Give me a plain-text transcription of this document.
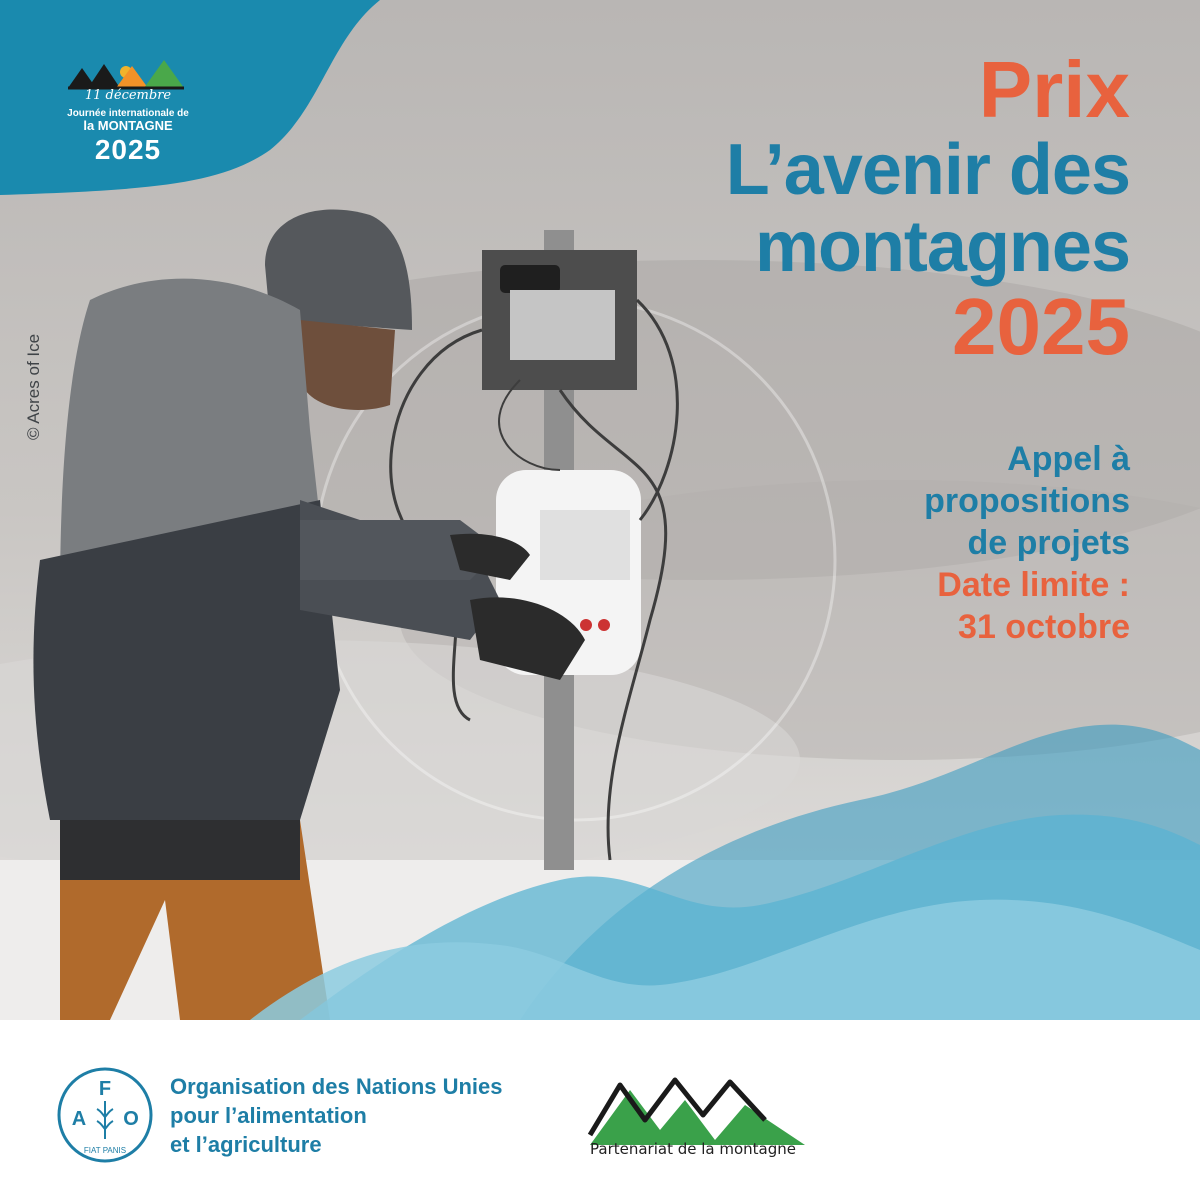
11 décembre
Journée internationale de
la MONTAGNE
2025
Prix
L’avenir des
montagnes
2025
Appel à
propositions
de projets
Date limite :
31 octobre
F
A O
FIAT PANIS
Organisation des Nations Unies
pour l’alimentation
et l’agriculture	Partenariat de la montagne
